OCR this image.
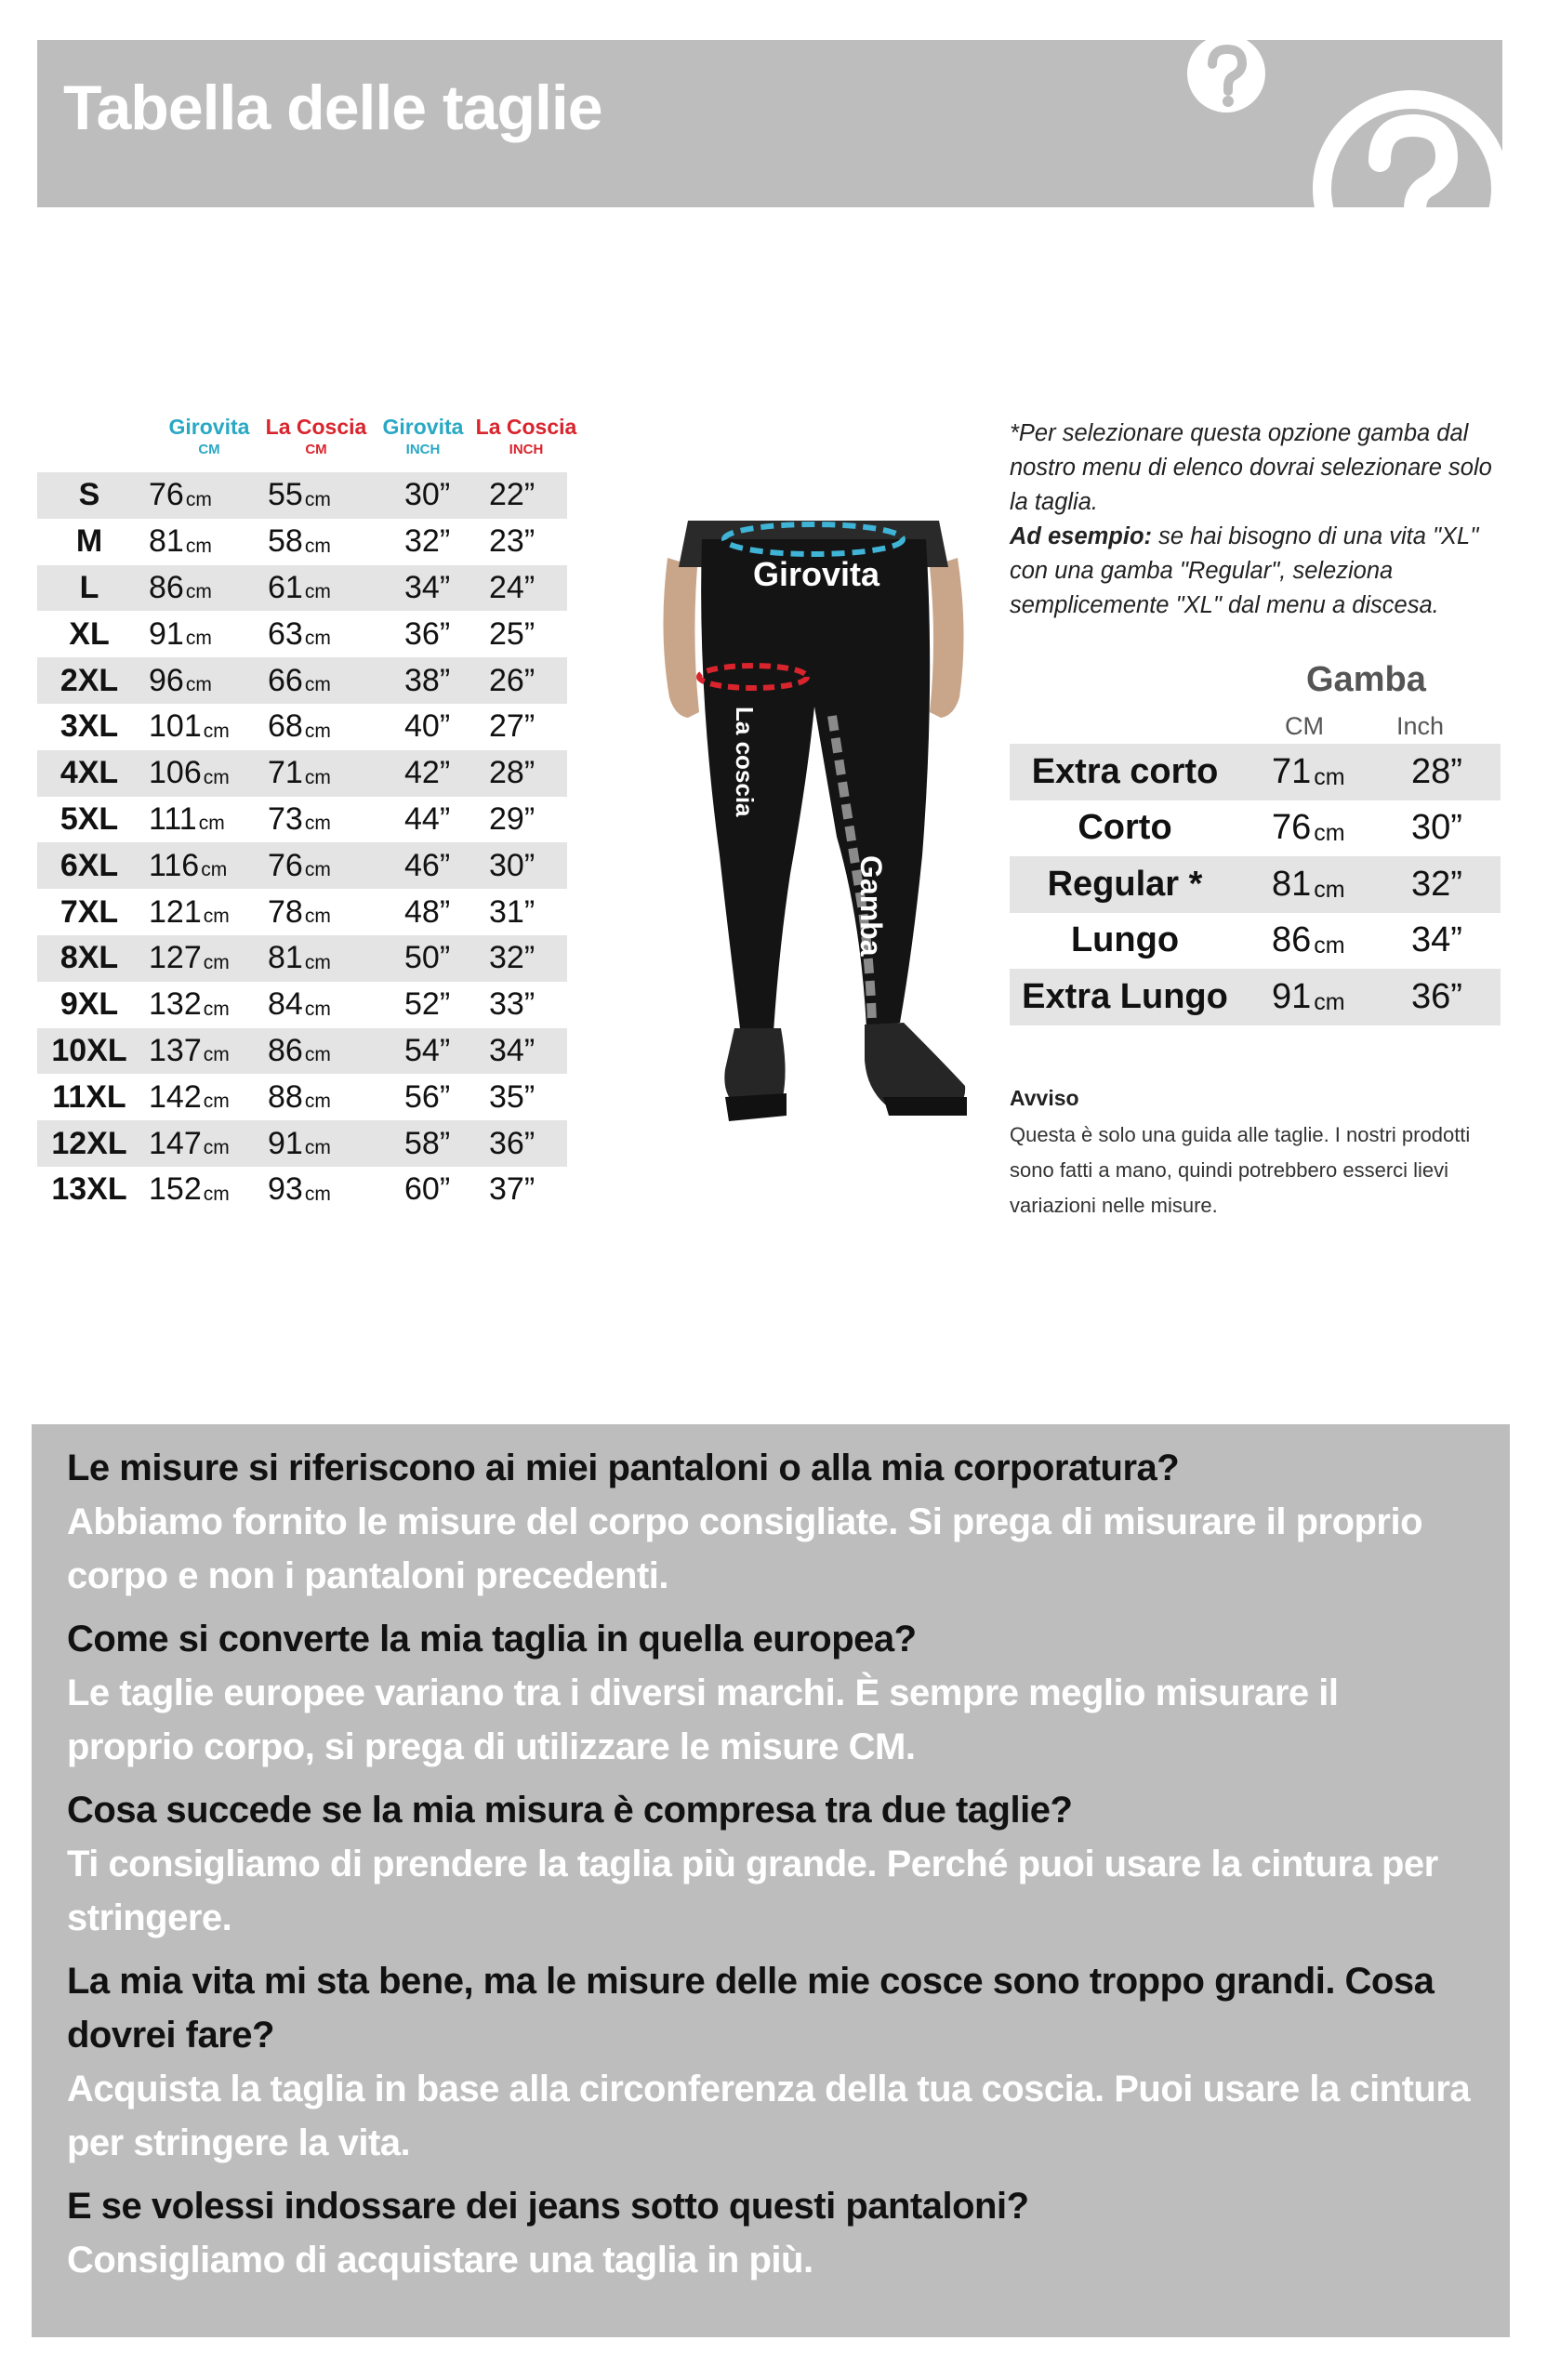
Tabella delle taglie
Girovita
CM
La Coscia
CM
Girovita
INCH
La Coscia
INCH
S	76 cm 55 cm 30”	22”
M	81 cm 58 cm 32”	23”
L	86 cm 61 cm 34”	24”
XL	91 cm 63 cm 36”	25”
2XL 96 cm 66 cm 38”	26”
3XL 101 cm 68 cm 40”	27”
4XL 106 cm 71 cm 42”	28”
5XL 111 cm 73 cm 44”	29”
6XL 116 cm 76 cm 46”	30”
7XL 121 cm 78 cm 48”	31”
8XL 127 cm 81 cm 50”	32”
9XL 132 cm 84 cm 52”	33”
10XL 137 cm 86 cm 54”	34”
11XL 142 cm 88 cm 56”	35”
12XL 147 cm 91 cm 58”	36”
13XL 152 cm 93 cm 60”	37”
Girovita
La coscia
Gamba

*Per selezionare questa opzione gamba dal nostro menu di elenco dovrai selezionare solo la taglia.
Ad esempio: se hai bisogno di una vita "XL" con una gamba "Regular", seleziona semplicemente "XL" dal menu a discesa.

Gamba
CM	Inch
Extra corto	71 cm 28”
Corto	76 cm 30”
Regular *	81 cm 32”
Lungo	86 cm 34”
Extra Lungo	91 cm 36”
Avviso

Questa è solo una guida alle taglie. I nostri prodotti sono fatti a mano, quindi potrebbero esserci lievi variazioni nelle misure.

Le misure si riferiscono ai miei pantaloni o alla mia corporatura?

Abbiamo fornito le misure del corpo consigliate. Si prega di misurare il proprio corpo e non i pantaloni precedenti.

Come si converte la mia taglia in quella europea?

Le taglie europee variano tra i diversi marchi. È sempre meglio misurare il proprio corpo, si prega di utilizzare le misure CM.

Cosa succede se la mia misura è compresa tra due taglie?

Ti consigliamo di prendere la taglia più grande. Perché puoi usare la cintura per stringere.

La mia vita mi sta bene, ma le misure delle mie cosce sono troppo grandi. Cosa dovrei fare?

Acquista la taglia in base alla circonferenza della tua coscia. Puoi usare la cintura per stringere la vita.

E se volessi indossare dei jeans sotto questi pantaloni?

Consigliamo di acquistare una taglia in più.
